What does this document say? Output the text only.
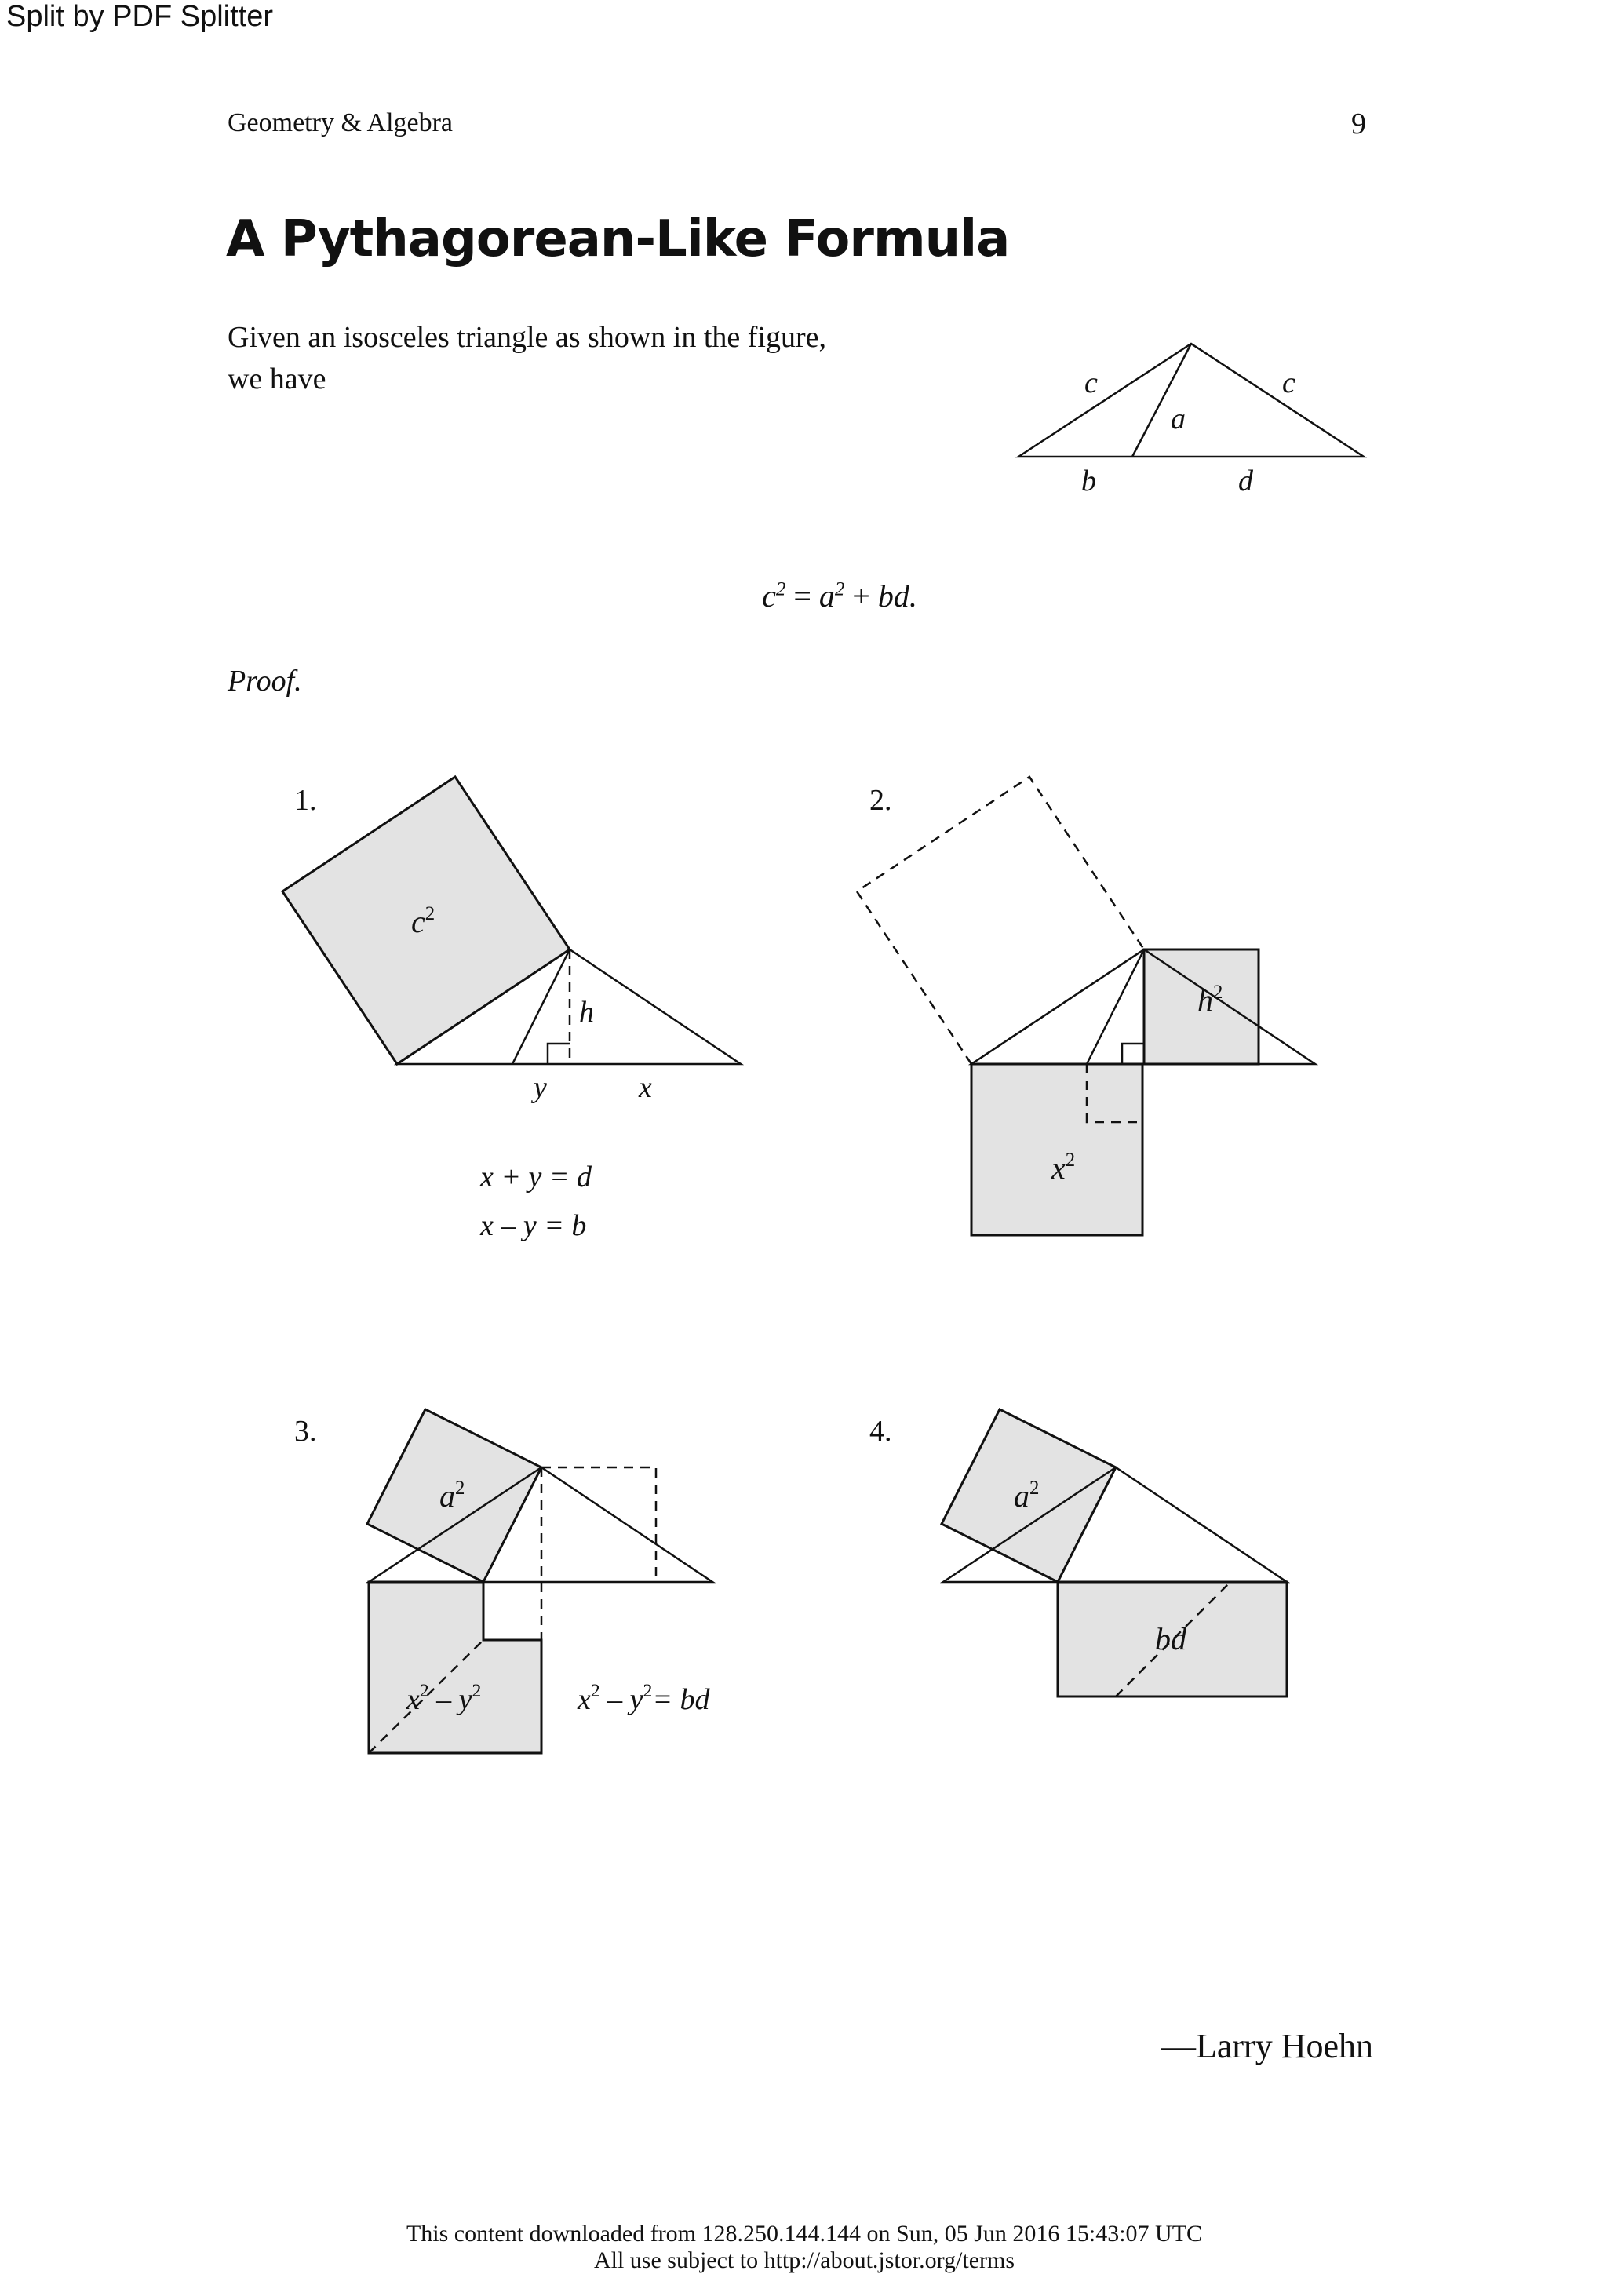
Split by PDF Splitter
Geometry & Algebra	9
A Pythagorean-Like Formula
Given an isosceles triangle as shown in the figure,
we have
$c^2 = a^2$ + bd.
Proof.
c	c
a
b	d
1.
$c^2$
h
y	x
x + y = d
x – y = b
2.
$h^2$
$x^2$
3.
$a^2$
$x^2 - y^2$	$x^2 - y^2=$ bd
4.
$a^2$
bd
—Larry Hoehn
This content downloaded from 128.250.144.144 on Sun, 05 Jun 2016 15:43:07 UTC
All use subject to http://about.jstor.org/terms
